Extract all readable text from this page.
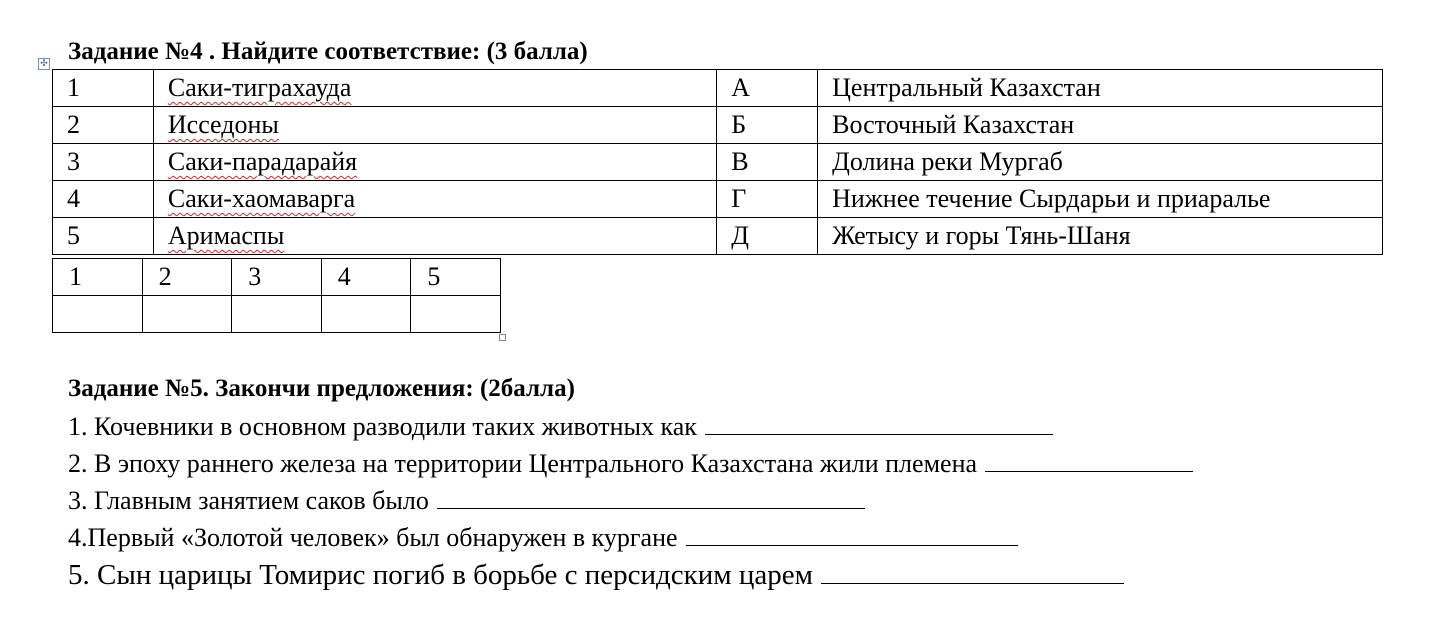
Задание №4 . Найдите соответствие: (3 балла)
✣
1	Саки-тиграхауда	А	Центральный Казахстан
2	Исседоны	Б	Восточный Казахстан
3	Саки-парадарайя	В	Долина реки Мургаб
4	Саки-хаомаварга	Г	Нижнее течение Сырдарьи и приаралье
5	Аримаспы	Д	Жетысу и горы Тянь-Шаня
1	2	3	4	5

Задание №5. Закончи предложения: (2балла)
1. Кочевники в основном разводили таких животных как
2. В эпоху раннего железа на территории Центрального Казахстана жили племена
3. Главным занятием саков было
4.Первый «Золотой человек» был обнаружен в кургане
5. Сын царицы Томирис погиб в борьбе с персидским царем
